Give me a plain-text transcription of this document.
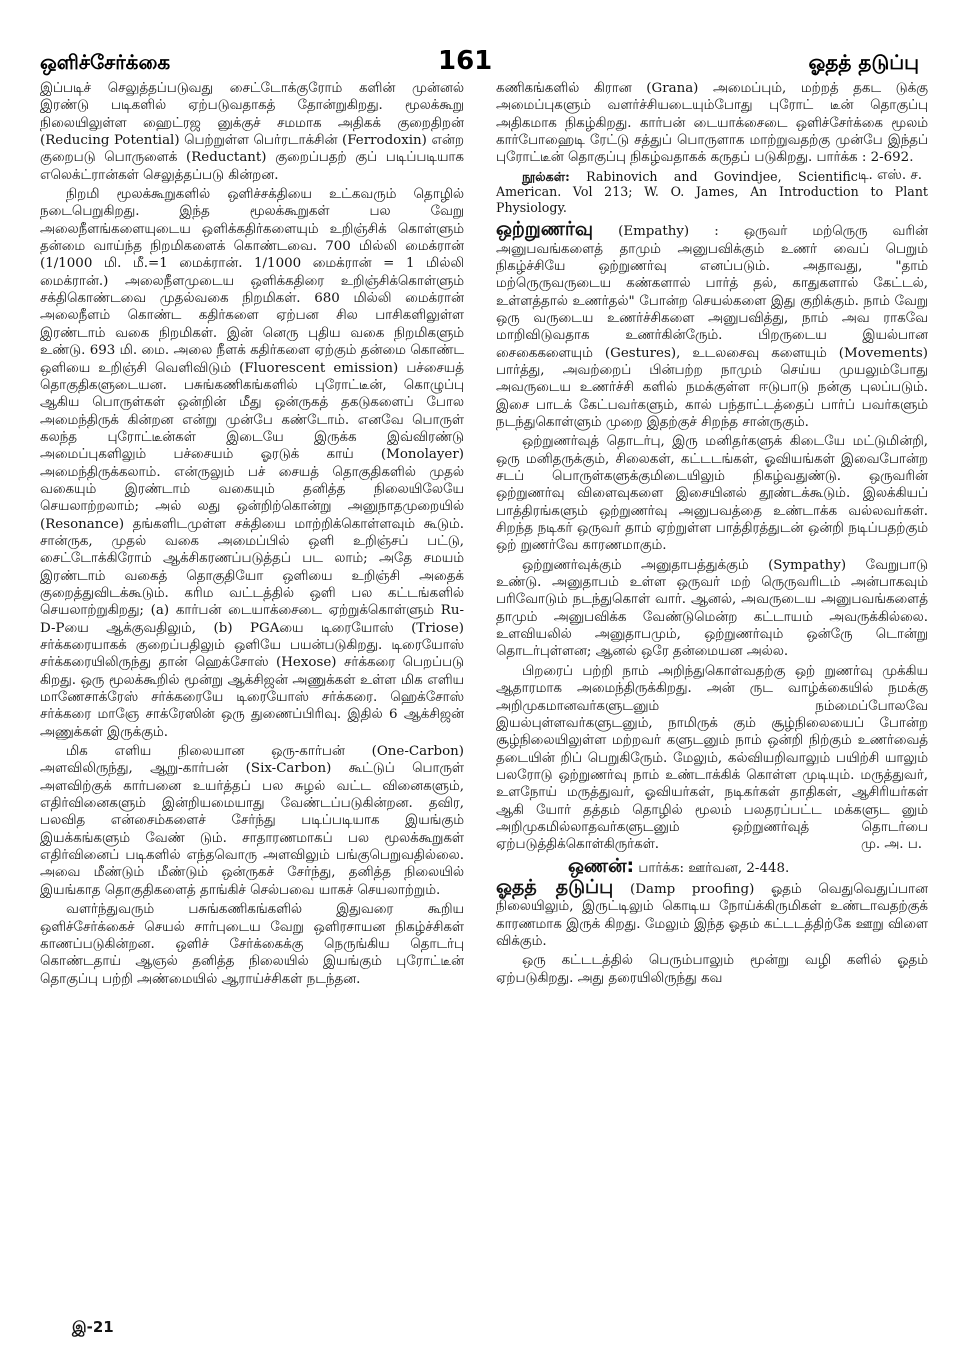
ஒளிச்சேர்க்கை	161	ஓதத் தடுப்பு

இப்படிச் செலுத்தப்படுவது சைட்டோக்குரோம் களின் முன்னல் இரண்டு படிகளில் ஏற்படுவதாகத் தோன்றுகிறது. மூலக்கூறு நிலையிலுள்ள ஹைட்ரஜ னுக்குச் சமமாக அதிகக் குறைதிறன் (Reducing Potential) பெற்றுள்ள பெர்ரடாக்சின் (Ferrodoxin) என்ற குறைபடு பொருளைக் (Reductant) குறைப்பதற் குப் படிப்படியாக எலெக்ட்ரான்கள் செலுத்தப்படு கின்றன.

நிறமி மூலக்கூறுகளில் ஒளிச்சக்தியை உட்கவரும் தொழில் நடைபெறுகிறது. இந்த மூலக்கூறுகள் பல வேறு அலைநீளங்களையுடைய ஒளிக்கதிர்களையும் உறிஞ்சிக் கொள்ளும் தன்மை வாய்ந்த நிறமிகளைக் கொண்டவை. 700 மில்லி மைக்ரான் (1/1000 மி. மீ.=1 மைக்ரான். 1/1000 மைக்ரான் = 1 மில்லி மைக்ரான்.) அலைநீளமுடைய ஒளிக்கதிரை உறிஞ்சிக்கொள்ளும் சக்திகொண்டவை முதல்வகை நிறமிகள். 680 மில்லி மைக்ரான் அலைநீளம் கொண்ட கதிர்களை ஏற்பன சில பாசிகளிலுள்ள இரண்டாம் வகை நிறமிகள். இன் னெரு புதிய வகை நிறமிகளும் உண்டு. 693 மி. மை. அலை நீளக் கதிர்களை ஏற்கும் தன்மை கொண்ட ஒளியை உறிஞ்சி வெளிவிடும் (Fluorescent emission) பச்சையத் தொகுதிகளுடையன. பசுங்கணிகங்களில் புரோட்டீன், கொழுப்பு ஆகிய பொருள்கள் ஒன்றின் மீது ஒன்ருகத் தகடுகளைப் போல அமைந்திருக் கின்றன என்று முன்பே கண்டோம். எனவே பொருள் கலந்த புரோட்டீன்கள் இடையே இருக்க இவ்விரண்டு அமைப்புகளிலும் பச்சையம் ஓரடுக் காய் (Monolayer) அமைந்திருக்கலாம். என்ருலும் பச் சையத் தொகுதிகளில் முதல் வகையும் இரண்டாம் வகையும் தனித்த நிலையிலேயே செயலாற்றலாம்; அல் லது ஒன்றிற்கொன்று அனுநாதமுறையில் (Resonance) தங்களிடமுள்ள சக்தியை மாற்றிக்கொள்ளவும் கூடும். சான்ருக, முதல் வகை அமைப்பில் ஒளி உறிஞ்சப் பட்டு, சைட்டோக்கிரோம் ஆக்சிகரணப்படுத்தப் பட லாம்; அதே சமயம் இரண்டாம் வகைத் தொகுதியோ ஒளியை உறிஞ்சி அதைக் குறைத்துவிடக்கூடும். கரிம வட்டத்தில் ஒளி பல கட்டங்களில் செயலாற்றுகிறது; (a) கார்பன் டையாக்சைடை ஏற்றுக்கொள்ளும் Ru-D-Pயை ஆக்குவதிலும், (b) PGAயை டிரையோஸ் (Triose) சர்க்கரையாகக் குறைப்பதிலும் ஒளியே பயன்படுகிறது. டிரையோஸ் சர்க்கரையிலிருந்து தான் ஹெக்சோஸ் (Hexose) சர்க்கரை பெறப்படு கிறது. ஒரு மூலக்கூறில் மூன்று ஆக்சிஜன் அணுக்கள் உள்ள மிக எளிய மாணேசாக்ரேஸ் சர்க்கரையே டிரையோஸ் சர்க்கரை. ஹெக்சோஸ் சர்க்கரை மாஞே சாக்ரேஸின் ஒரு துணைப்பிரிவு. இதில் 6 ஆக்சிஜன் அணுக்கள் இருக்கும்.

மிக எளிய நிலையான ஒரு-கார்பன் (One-Carbon) அளவிலிருந்து, ஆறு-கார்பன் (Six-Carbon) கூட்டுப் பொருள் அளவிற்குக் கார்பனை உயர்த்தப் பல சுழல் வட்ட வினைகளும், எதிர்வினைகளும் இன்றியமையாது வேண்டப்படுகின்றன. தவிர, பலவித என்சைம்களைச் சேர்ந்து படிப்படியாக இயங்கும் இயக்கங்களும் வேண் டும். சாதாரணமாகப் பல மூலக்கூறுகள் எதிர்வினைப் படிகளில் எந்தவொரு அளவிலும் பங்குபெறுவதில்லை. அவை மீண்டும் மீண்டும் ஒன்ருகச் சேர்ந்து, தனித்த நிலையில் இயங்காத தொகுதிகளைத் தாங்கிச் செல்பவை யாகச் செயலாற்றும்.

வளர்ந்துவரும் பசுங்கணிகங்களில் இதுவரை கூறிய ஒளிச்சேர்க்கைச் செயல் சார்புடைய வேறு ஒளிரசாயன நிகழ்ச்சிகள் காணப்படுகின்றன. ஒளிச் சேர்க்கைக்கு நெருங்கிய தொடர்பு கொண்டதாய் ஆஞல் தனித்த நிலையில் இயங்கும் புரோட்டீன் தொகுப்பு பற்றி அண்மையில் ஆராய்ச்சிகள் நடந்தன.

கணிகங்களில் கிரான (Grana) அமைப்பும், மற்றத் தகட டுக்கு அமைப்புகளும் வளர்ச்சியடையும்போது புரோட் டீன் தொகுப்பு அதிகமாக நிகழ்கிறது. கார்பன் டையாக்சைடை ஒளிச்சேர்க்கை மூலம் கார்போஹைடி ரேட்டு சத்துப் பொருளாக மாற்றுவதற்கு முன்பே இந்தப் புரோட்டீன் தொகுப்பு நிகழ்வதாகக் கருதப் படுகிறது. பார்க்க : 2-692.
டி. எஸ். ச.

நூல்கள்: Rabinovich and Govindjee, Scientific American. Vol 213; W. O. James, An Introduction to Plant Physiology.

ஒற்றுணர்வு (Empathy) : ஒருவர் மற்ருெரு வரின் அனுபவங்களைத் தாமும் அனுபவிக்கும் உணர் வைப் பெறும் நிகழ்ச்சியே ஒற்றுணர்வு எனப்படும். அதாவது, "தாம் மற்ருெருவருடைய கண்களால் பார்த் தல், காதுகளால் கேட்டல், உள்ளத்தால் உணர்தல்" போன்ற செயல்களை இது குறிக்கும். நாம் வேறு ஒரு வருடைய உணர்ச்சிகளை அனுபவித்து, நாம் அவ ராகவே மாறிவிடுவதாக உணர்கின்ருேம். பிறருடைய இயல்பான சைகைகளையும் (Gestures), உடலசைவு களையும் (Movements) பார்த்து, அவற்றைப் பின்பற்ற நாமும் செய்ய முயலும்போது அவருடைய உணர்ச்சி களில் நமக்குள்ள ஈடுபாடு நன்கு புலப்படும். இசை பாடக் கேட்பவர்களும், கால் பந்தாட்டத்தைப் பார்ப் பவர்களும் நடந்துகொள்ளும் முறை இதற்குச் சிறந்த சான்ருகும்.

ஒற்றுணர்வுத் தொடர்பு, இரு மனிதர்களுக் கிடையே மட்டுமின்றி, ஒரு மனிதருக்கும், சிலைகள், கட்டடங்கள், ஓவியங்கள் இவைபோன்ற சடப் பொருள்களுக்குமிடையிலும் நிகழ்வதுண்டு. ஒருவரின் ஒற்றுணர்வு விளைவுகளை இசையினல் தூண்டக்கூடும். இலக்கியப் பாத்திரங்களும் ஒற்றுணர்வு அனுபவத்தை உண்டாக்க வல்லவர்கள். சிறந்த நடிகர் ஒருவர் தாம் ஏற்றுள்ள பாத்திரத்துடன் ஒன்றி நடிப்பதற்கும் ஒற் றுணர்வே காரணமாகும்.

ஒற்றுணர்வுக்கும் அனுதாபத்துக்கும் (Sympathy) வேறுபாடு உண்டு. அனுதாபம் உள்ள ஒருவர் மற் ருெருவரிடம் அன்பாகவும் பரிவோடும் நடந்துகொள் வார். ஆனல், அவருடைய அனுபவங்களைத் தாமும் அனுபவிக்க வேண்டுமென்ற கட்டாயம் அவருக்கில்லை. உளவியலில் அனுதாபமும், ஒற்றுணர்வும் ஒன்ருே டொன்று தொடர்புள்ளன; ஆனல் ஒரே தன்மையன அல்ல.

பிறரைப் பற்றி நாம் அறிந்துகொள்வதற்கு ஒற் றுணர்வு முக்கிய ஆதாரமாக அமைந்திருக்கிறது. அன் ருட வாழ்க்கையில் நமக்கு அறிமுகமானவர்களுடனும் நம்மைப்போலவே இயல்புள்ளவர்களுடனும், நாமிருக் கும் சூழ்நிலையைப் போன்ற சூழ்நிலையிலுள்ள மற்றவர் களுடனும் நாம் ஒன்றி நிற்கும் உணர்வைத் தடையின் றிப் பெறுகிருேம். மேலும், கல்வியறிவாலும் பயிற்சி யாலும் பலரோடு ஒற்றுணர்வு நாம் உண்டாக்கிக் கொள்ள முடியும். மருத்துவர், உளநோய் மருத்துவர், ஓவியர்கள், நடிகர்கள் தாதிகள், ஆசிரியர்கள் ஆகி யோர் தத்தம் தொழில் மூலம் பலதரப்பட்ட மக்களுட னும் அறிமுகமில்லாதவர்களுடனும் ஒற்றுணர்வுத் தொடர்பை ஏற்படுத்திக்கொள்கிருர்கள்.	மு. அ. ப.

ஒணன்: பார்க்க: ஊர்வன, 2-448.

ஓதத் தடுப்பு (Damp proofing) ஓதம் வெதுவெதுப்பான நிலையிலும், இருட்டிலும் கொடிய நோய்க்கிருமிகள் உண்டாவதற்குக் காரணமாக இருக் கிறது. மேலும் இந்த ஓதம் கட்டடத்திற்கே ஊறு விளை விக்கும்.

ஒரு கட்டடத்தில் பெரும்பாலும் மூன்று வழி களில் ஓதம் ஏற்படுகிறது. அது தரையிலிருந்து கவ

இ-21
